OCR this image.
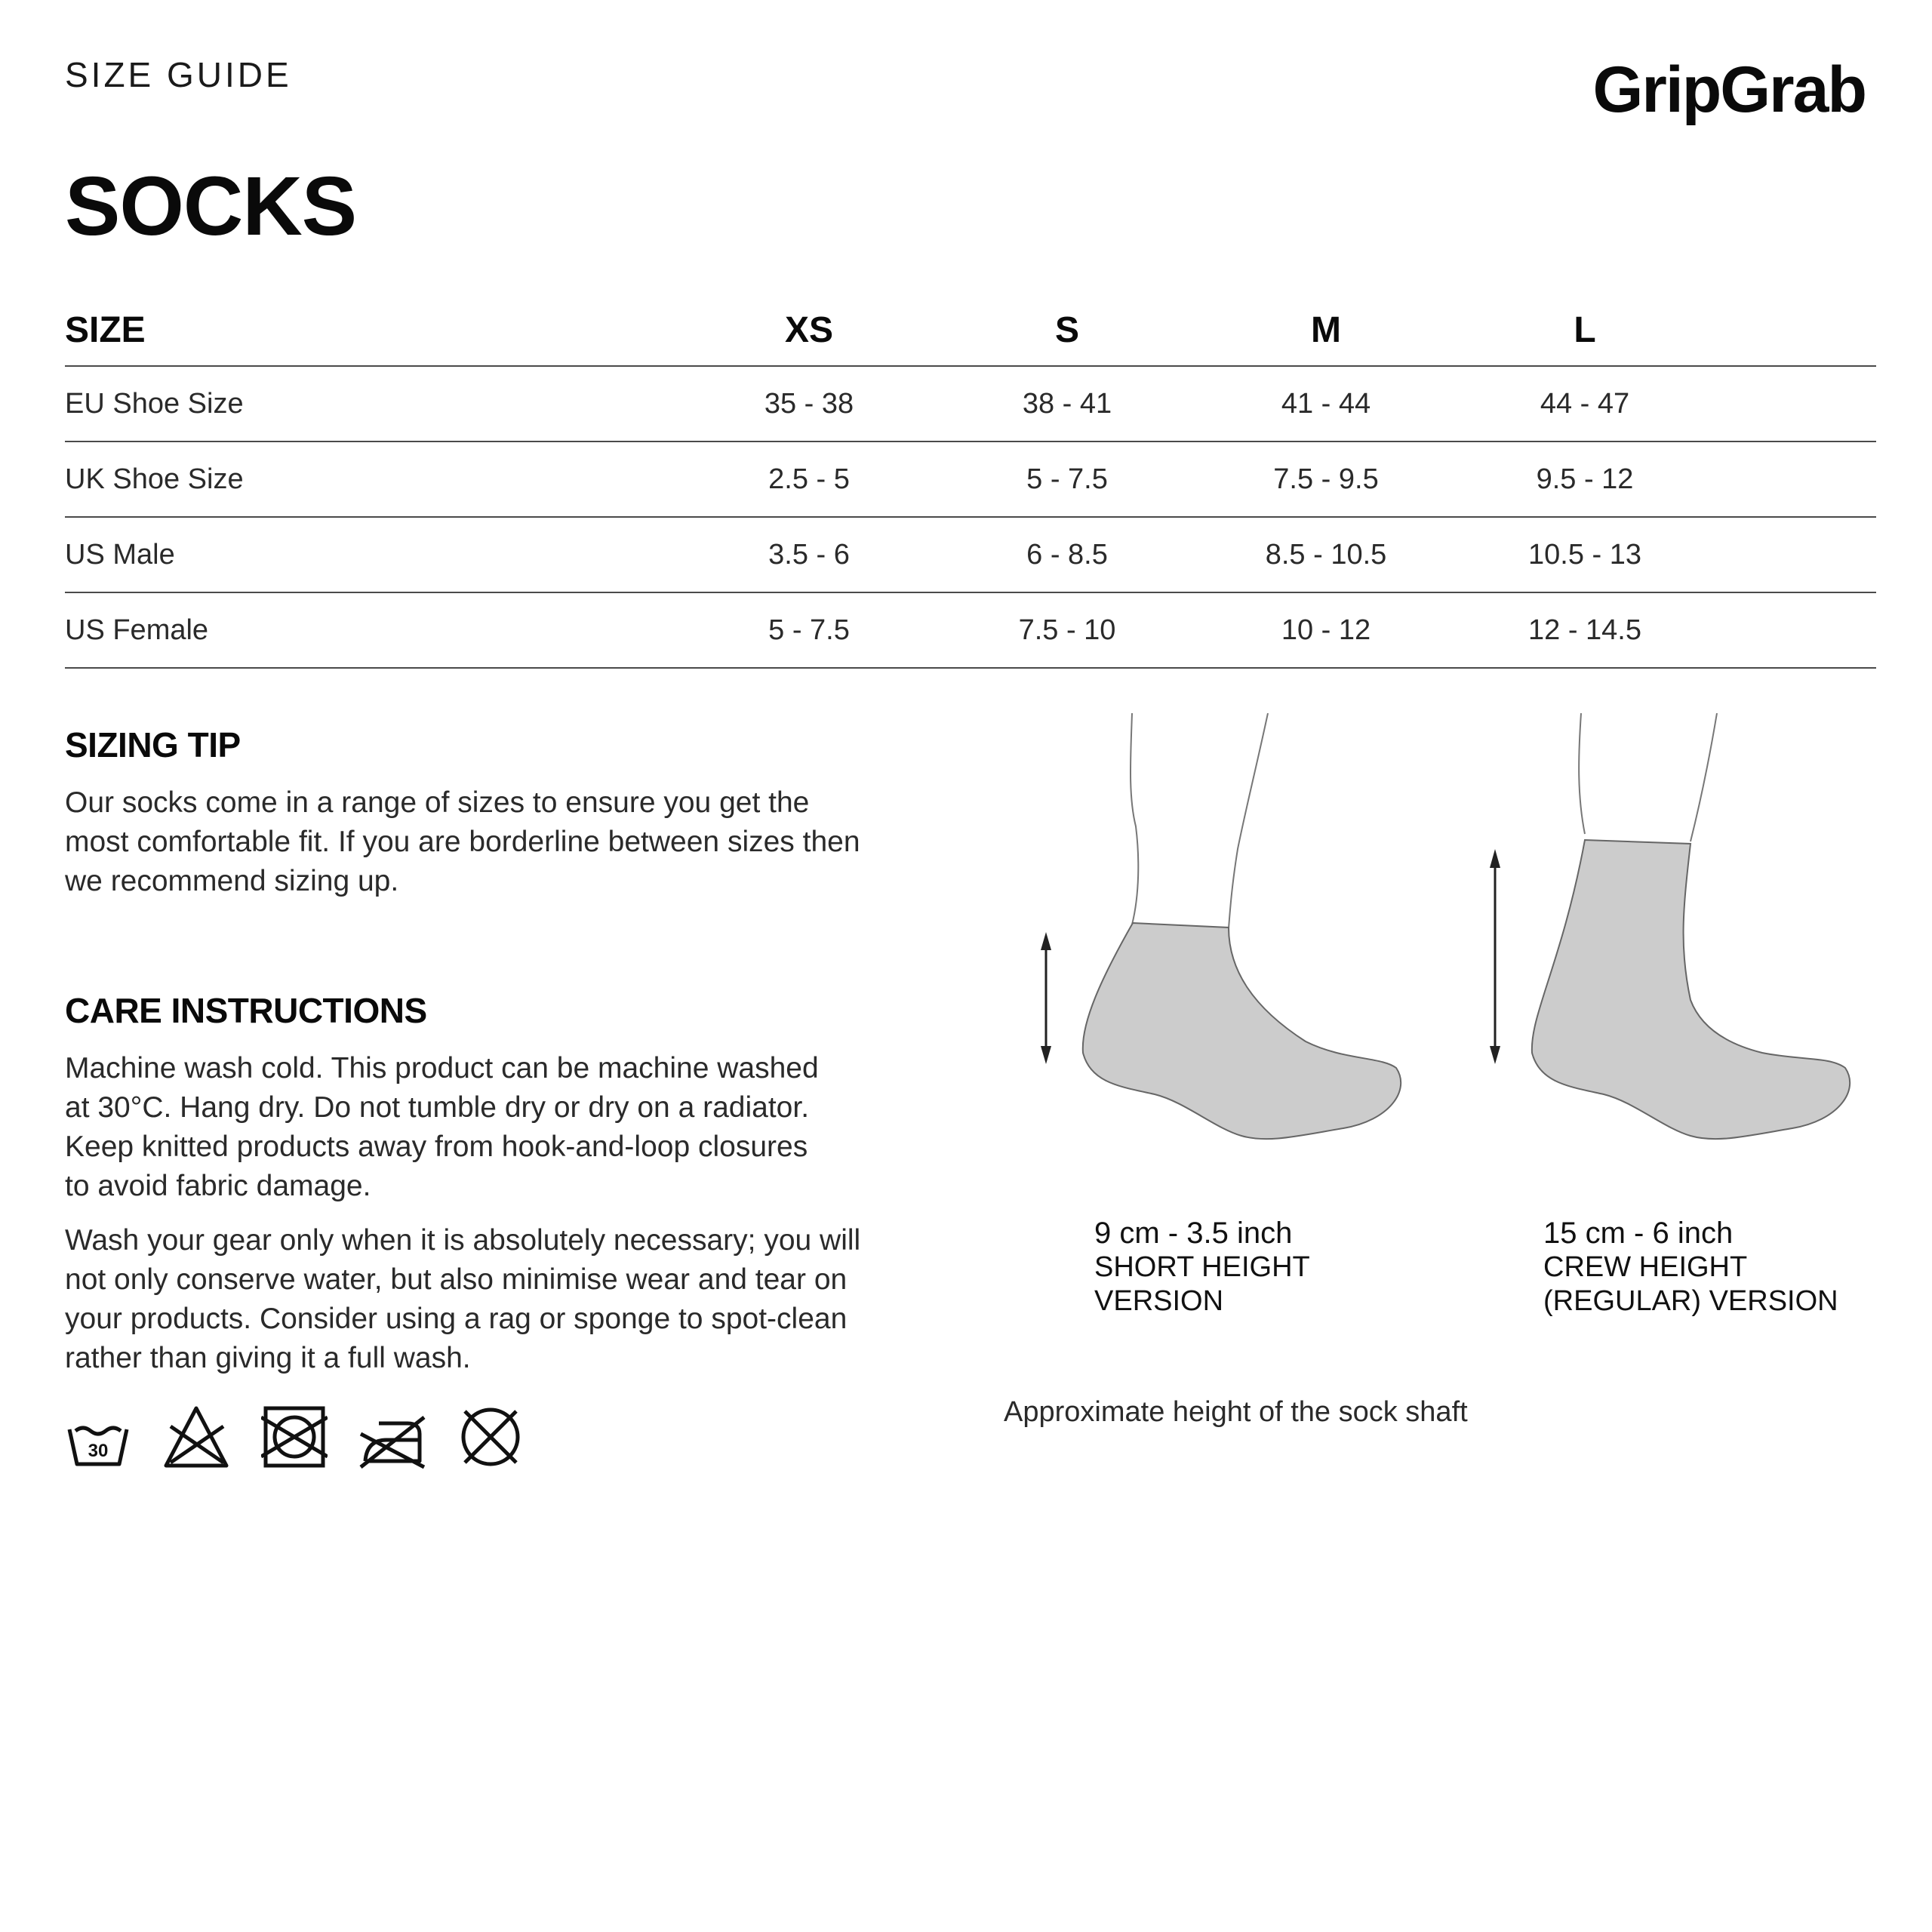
SIZE GUIDE	GripGrab
SOCKS
SIZE	XS	S	M	L
EU Shoe Size	35 - 38	38 - 41	41 - 44	44 - 47
UK Shoe Size	2.5 - 5	5 - 7.5	7.5 - 9.5	9.5 - 12
US Male	3.5 - 6	6 - 8.5	8.5 - 10.5	10.5 - 13
US Female	5 - 7.5	7.5 - 10	10 - 12	12 - 14.5
SIZING TIP
Our socks come in a range of sizes to ensure you get the
most comfortable fit. If you are borderline between sizes then
we recommend sizing up.
CARE INSTRUCTIONS
Machine wash cold. This product can be machine washed
at 30°C. Hang dry. Do not tumble dry or dry on a radiator.
Keep knitted products away from hook-and-loop closures
to avoid fabric damage.
Wash your gear only when it is absolutely necessary; you will
not only conserve water, but also minimise wear and tear on
your products. Consider using a rag or sponge to spot-clean
rather than giving it a full wash.
30
9 cm - 3.5 inch
SHORT HEIGHT
VERSION
15 cm - 6 inch
CREW HEIGHT
(REGULAR) VERSION
Approximate height of the sock shaft
